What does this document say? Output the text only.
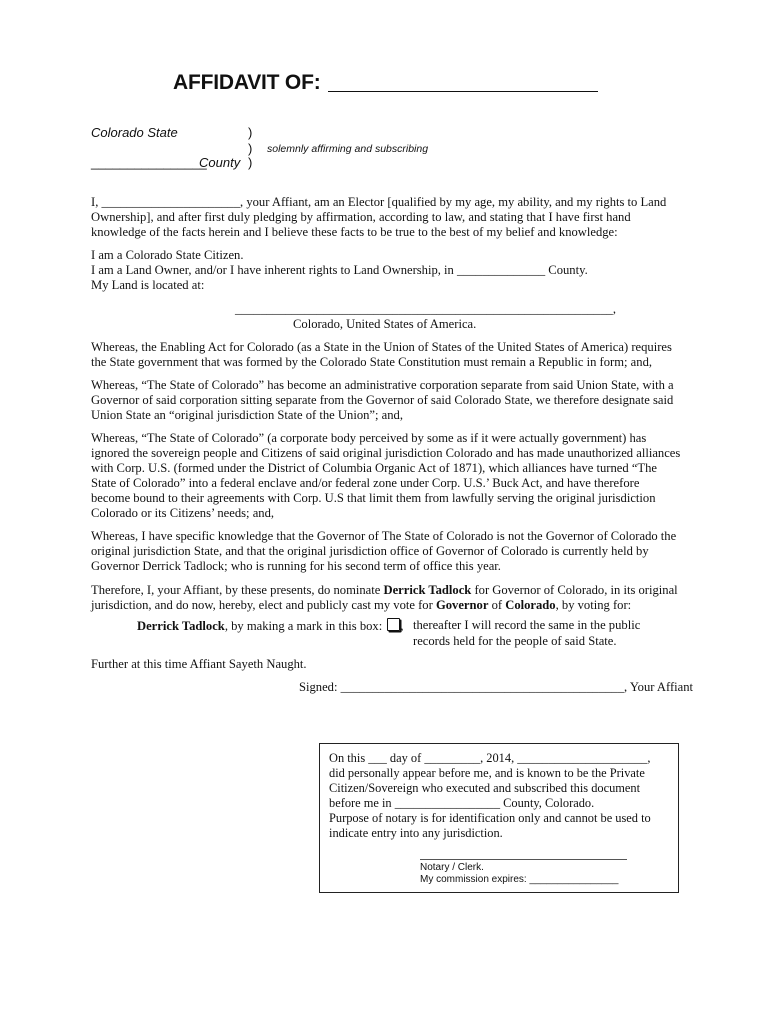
AFFIDAVIT OF:
Colorado State	)
) solemnly affirming and subscribing
________________
County )
I, ______________________, your Affiant, am an Elector [qualified by my age, my ability, and my rights to Land
Ownership], and after first duly pledging by affirmation, according to law, and stating that I have first hand
knowledge of the facts herein and I believe these facts to be true to the best of my belief and knowledge:
I am a Colorado State Citizen.
I am a Land Owner, and/or I have inherent rights to Land Ownership, in ______________ County.
My Land is located at:
____________________________________________________________,
Colorado, United States of America.
Whereas, the Enabling Act for Colorado (as a State in the Union of States of the United States of America) requires
the State government that was formed by the Colorado State Constitution must remain a Republic in form; and,
Whereas, “The State of Colorado” has become an administrative corporation separate from said Union State, with a
Governor of said corporation sitting separate from the Governor of said Colorado State, we therefore designate said
Union State an “original jurisdiction State of the Union”; and,
Whereas, “The State of Colorado” (a corporate body perceived by some as if it were actually government) has
ignored the sovereign people and Citizens of said original jurisdiction Colorado and has made unauthorized alliances
with Corp. U.S. (formed under the District of Columbia Organic Act of 1871), which alliances have turned “The
State of Colorado” into a federal enclave and/or federal zone under Corp. U.S.’ Buck Act, and have therefore
become bound to their agreements with Corp. U.S that limit them from lawfully serving the original jurisdiction
Colorado or its Citizens’ needs; and,
Whereas, I have specific knowledge that the Governor of The State of Colorado is not the Governor of Colorado the
original jurisdiction State, and that the original jurisdiction office of Governor of Colorado is currently held by
Governor Derrick Tadlock; who is running for his second term of office this year.
Therefore, I, your Affiant, by these presents, do nominate Derrick Tadlock for Governor of Colorado, in its original
jurisdiction, and do now, hereby, elect and publicly cast my vote for Governor of Colorado, by voting for:
Derrick Tadlock, by making a mark in this box: , thereafter I will record the same in the public
records held for the people of said State.
Further at this time Affiant Sayeth Naught.
Signed: _____________________________________________, Your Affiant
On this ___ day of _________, 2014, _____________________,
did personally appear before me, and is known to be the Private
Citizen/Sovereign who executed and subscribed this document
before me in _________________ County, Colorado.
Purpose of notary is for identification only and cannot be used to
indicate entry into any jurisdiction.
Notary / Clerk.
My commission expires: ________________
